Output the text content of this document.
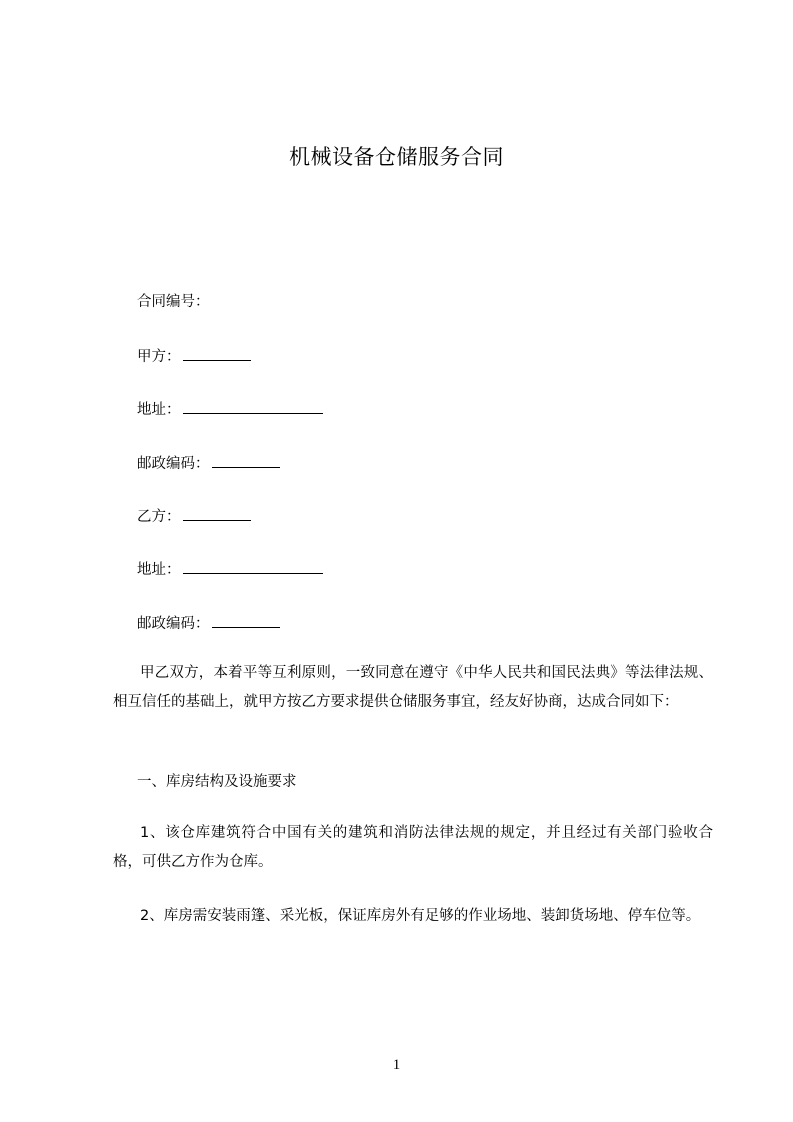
机械设备仓储服务合同
合同编号：
甲方：
地址：
邮政编码：
乙方：
地址：
邮政编码：
甲乙双方，本着平等互利原则，一致同意在遵守《中华人民共和国民法典》等法律法规、相互信任的基础上，就甲方按乙方要求提供仓储服务事宜，经友好协商，达成合同如下：
一、库房结构及设施要求
1、该仓库建筑符合中国有关的建筑和消防法律法规的规定，并且经过有关部门验收合格，可供乙方作为仓库。
2、库房需安装雨篷、采光板，保证库房外有足够的作业场地、装卸货场地、停车位等。
1
